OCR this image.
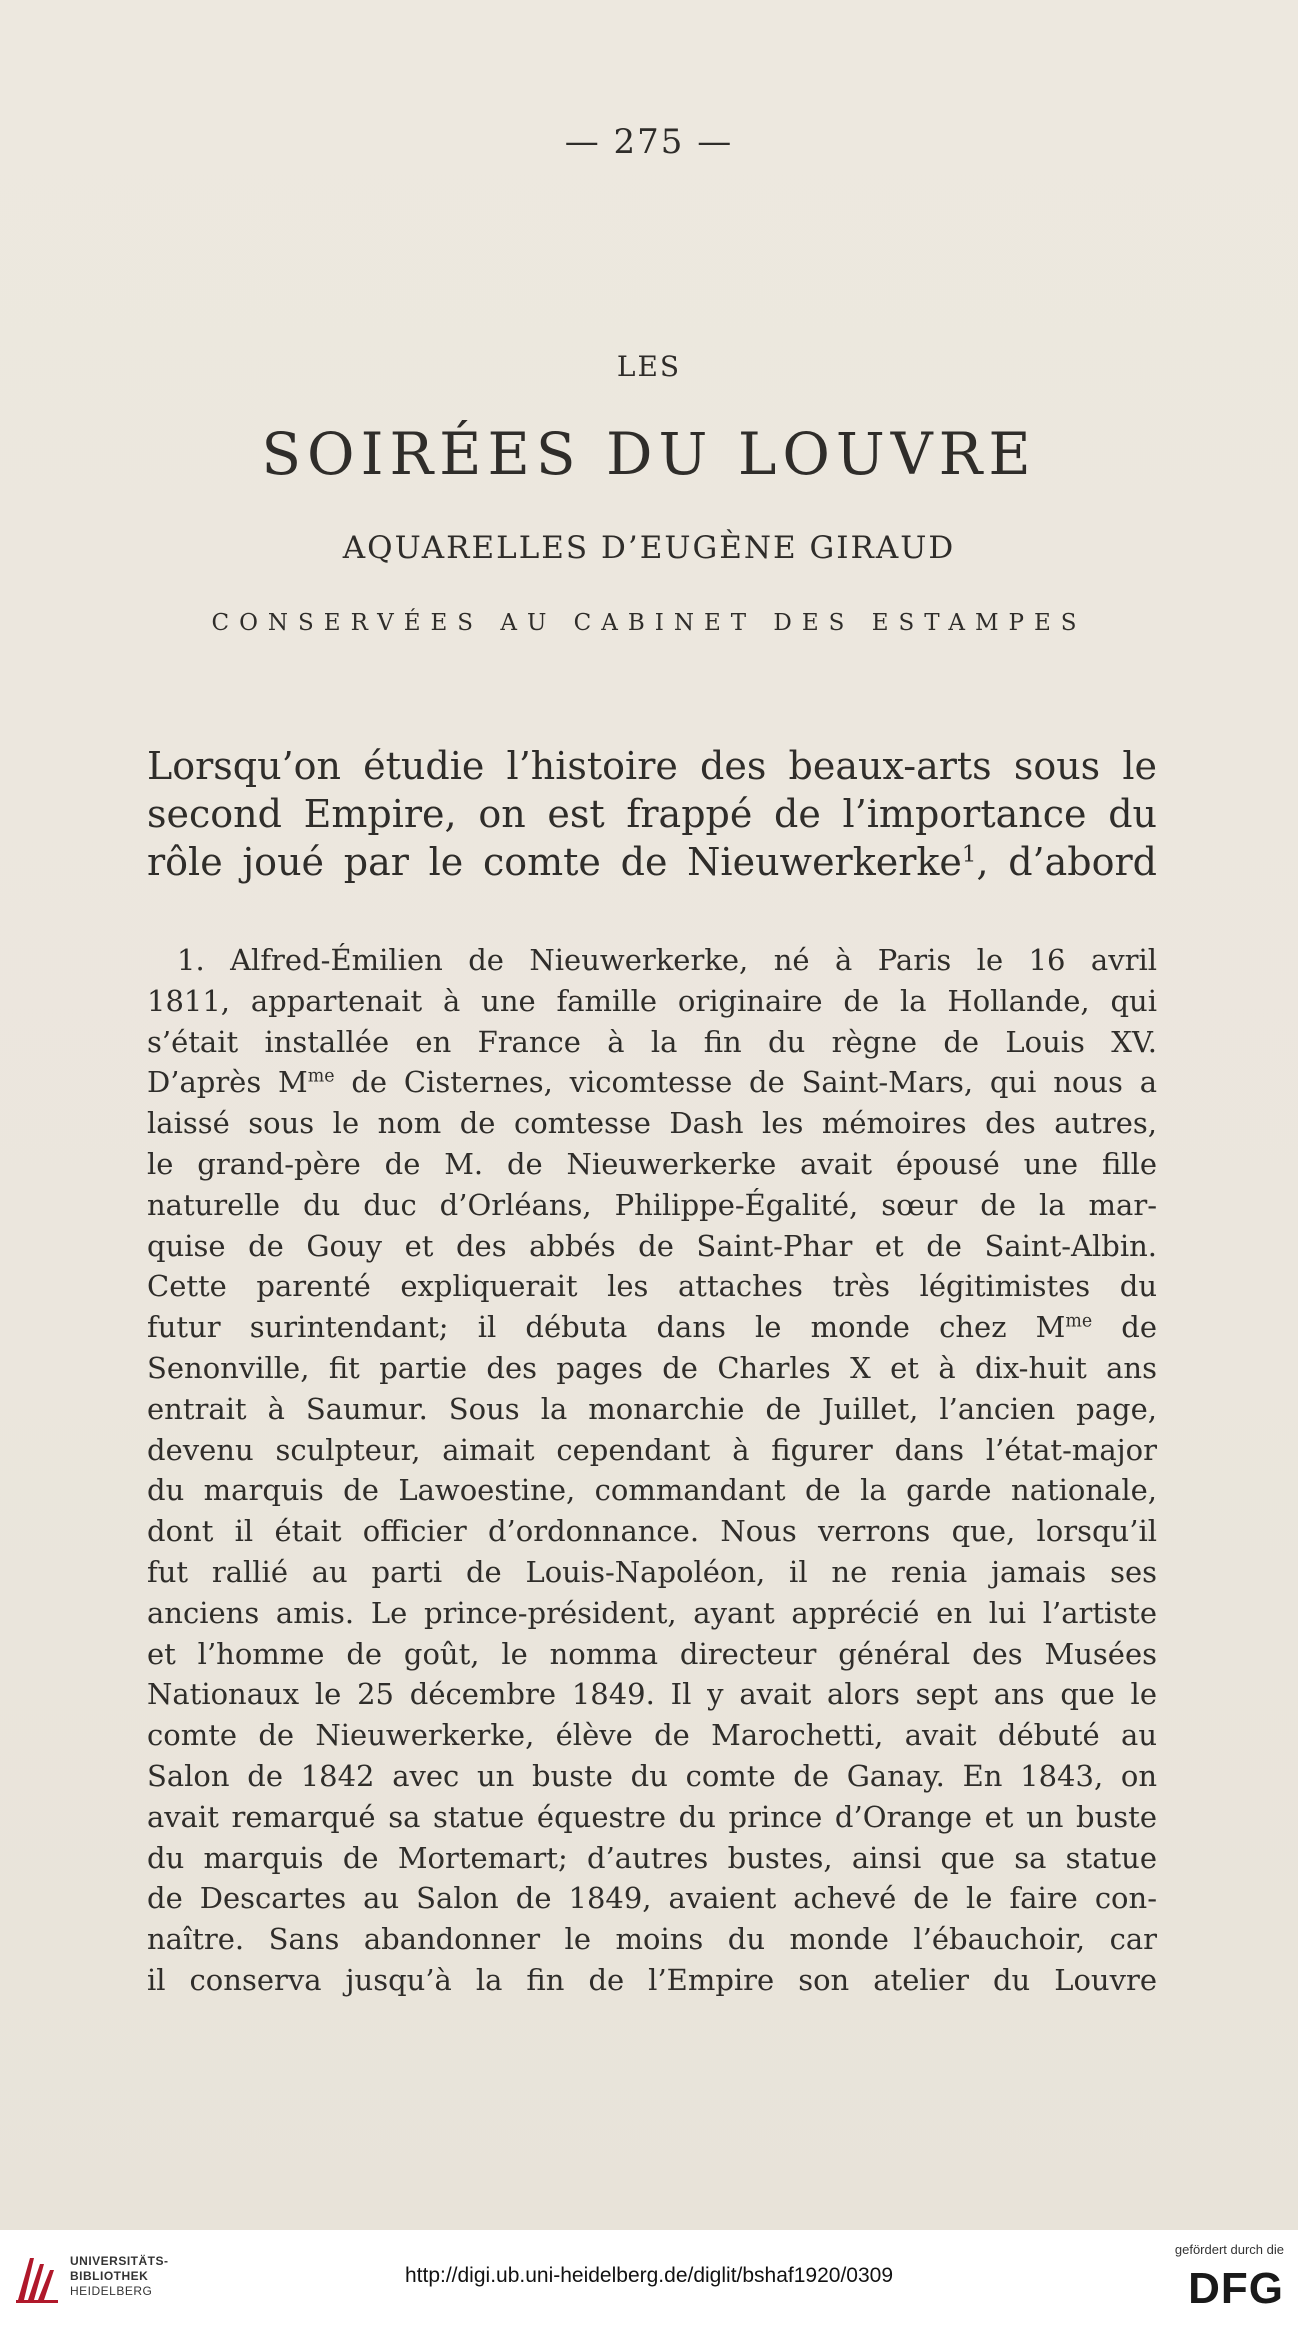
— 275 —
LES
SOIRÉES DU LOUVRE
AQUARELLES D’EUGÈNE GIRAUD
CONSERVÉES AU CABINET DES ESTAMPES
Lorsqu’on étudie l’histoire des beaux-arts sous le
second Empire, on est frappé de l’importance du
rôle joué par le comte de Nieuwerkerke$^1$, d’abord
1. Alfred-Émilien de Nieuwerkerke, né à Paris le 16 avril
1811, appartenait à une famille originaire de la Hollande, qui
s’était installée en France à la fin du règne de Louis XV.
D’après $M^{me}$ de Cisternes, vicomtesse de Saint-Mars, qui nous a
laissé sous le nom de comtesse Dash les mémoires des autres,
le grand-père de M. de Nieuwerkerke avait épousé une fille
naturelle du duc d’Orléans, Philippe-Égalité, sœur de la mar-
quise de Gouy et des abbés de Saint-Phar et de Saint-Albin.
Cette parenté expliquerait les attaches très légitimistes du
futur surintendant; il débuta dans le monde chez $M^{me}$ de
Senonville, fit partie des pages de Charles X et à dix-huit ans
entrait à Saumur. Sous la monarchie de Juillet, l’ancien page,
devenu sculpteur, aimait cependant à figurer dans l’état-major
du marquis de Lawoestine, commandant de la garde nationale,
dont il était officier d’ordonnance. Nous verrons que, lorsqu’il
fut rallié au parti de Louis-Napoléon, il ne renia jamais ses
anciens amis. Le prince-président, ayant apprécié en lui l’artiste
et l’homme de goût, le nomma directeur général des Musées
Nationaux le 25 décembre 1849. Il y avait alors sept ans que le
comte de Nieuwerkerke, élève de Marochetti, avait débuté au
Salon de 1842 avec un buste du comte de Ganay. En 1843, on
avait remarqué sa statue équestre du prince d’Orange et un buste
du marquis de Mortemart; d’autres bustes, ainsi que sa statue
de Descartes au Salon de 1849, avaient achevé de le faire con-
naître. Sans abandonner le moins du monde l’ébauchoir, car
il conserva jusqu’à la fin de l’Empire son atelier du Louvre
UNIVERSITÄTS-
BIBLIOTHEK
HEIDELBERG
http://digi.ub.uni-heidelberg.de/diglit/bshaf1920/0309
gefördert durch die
DFG
